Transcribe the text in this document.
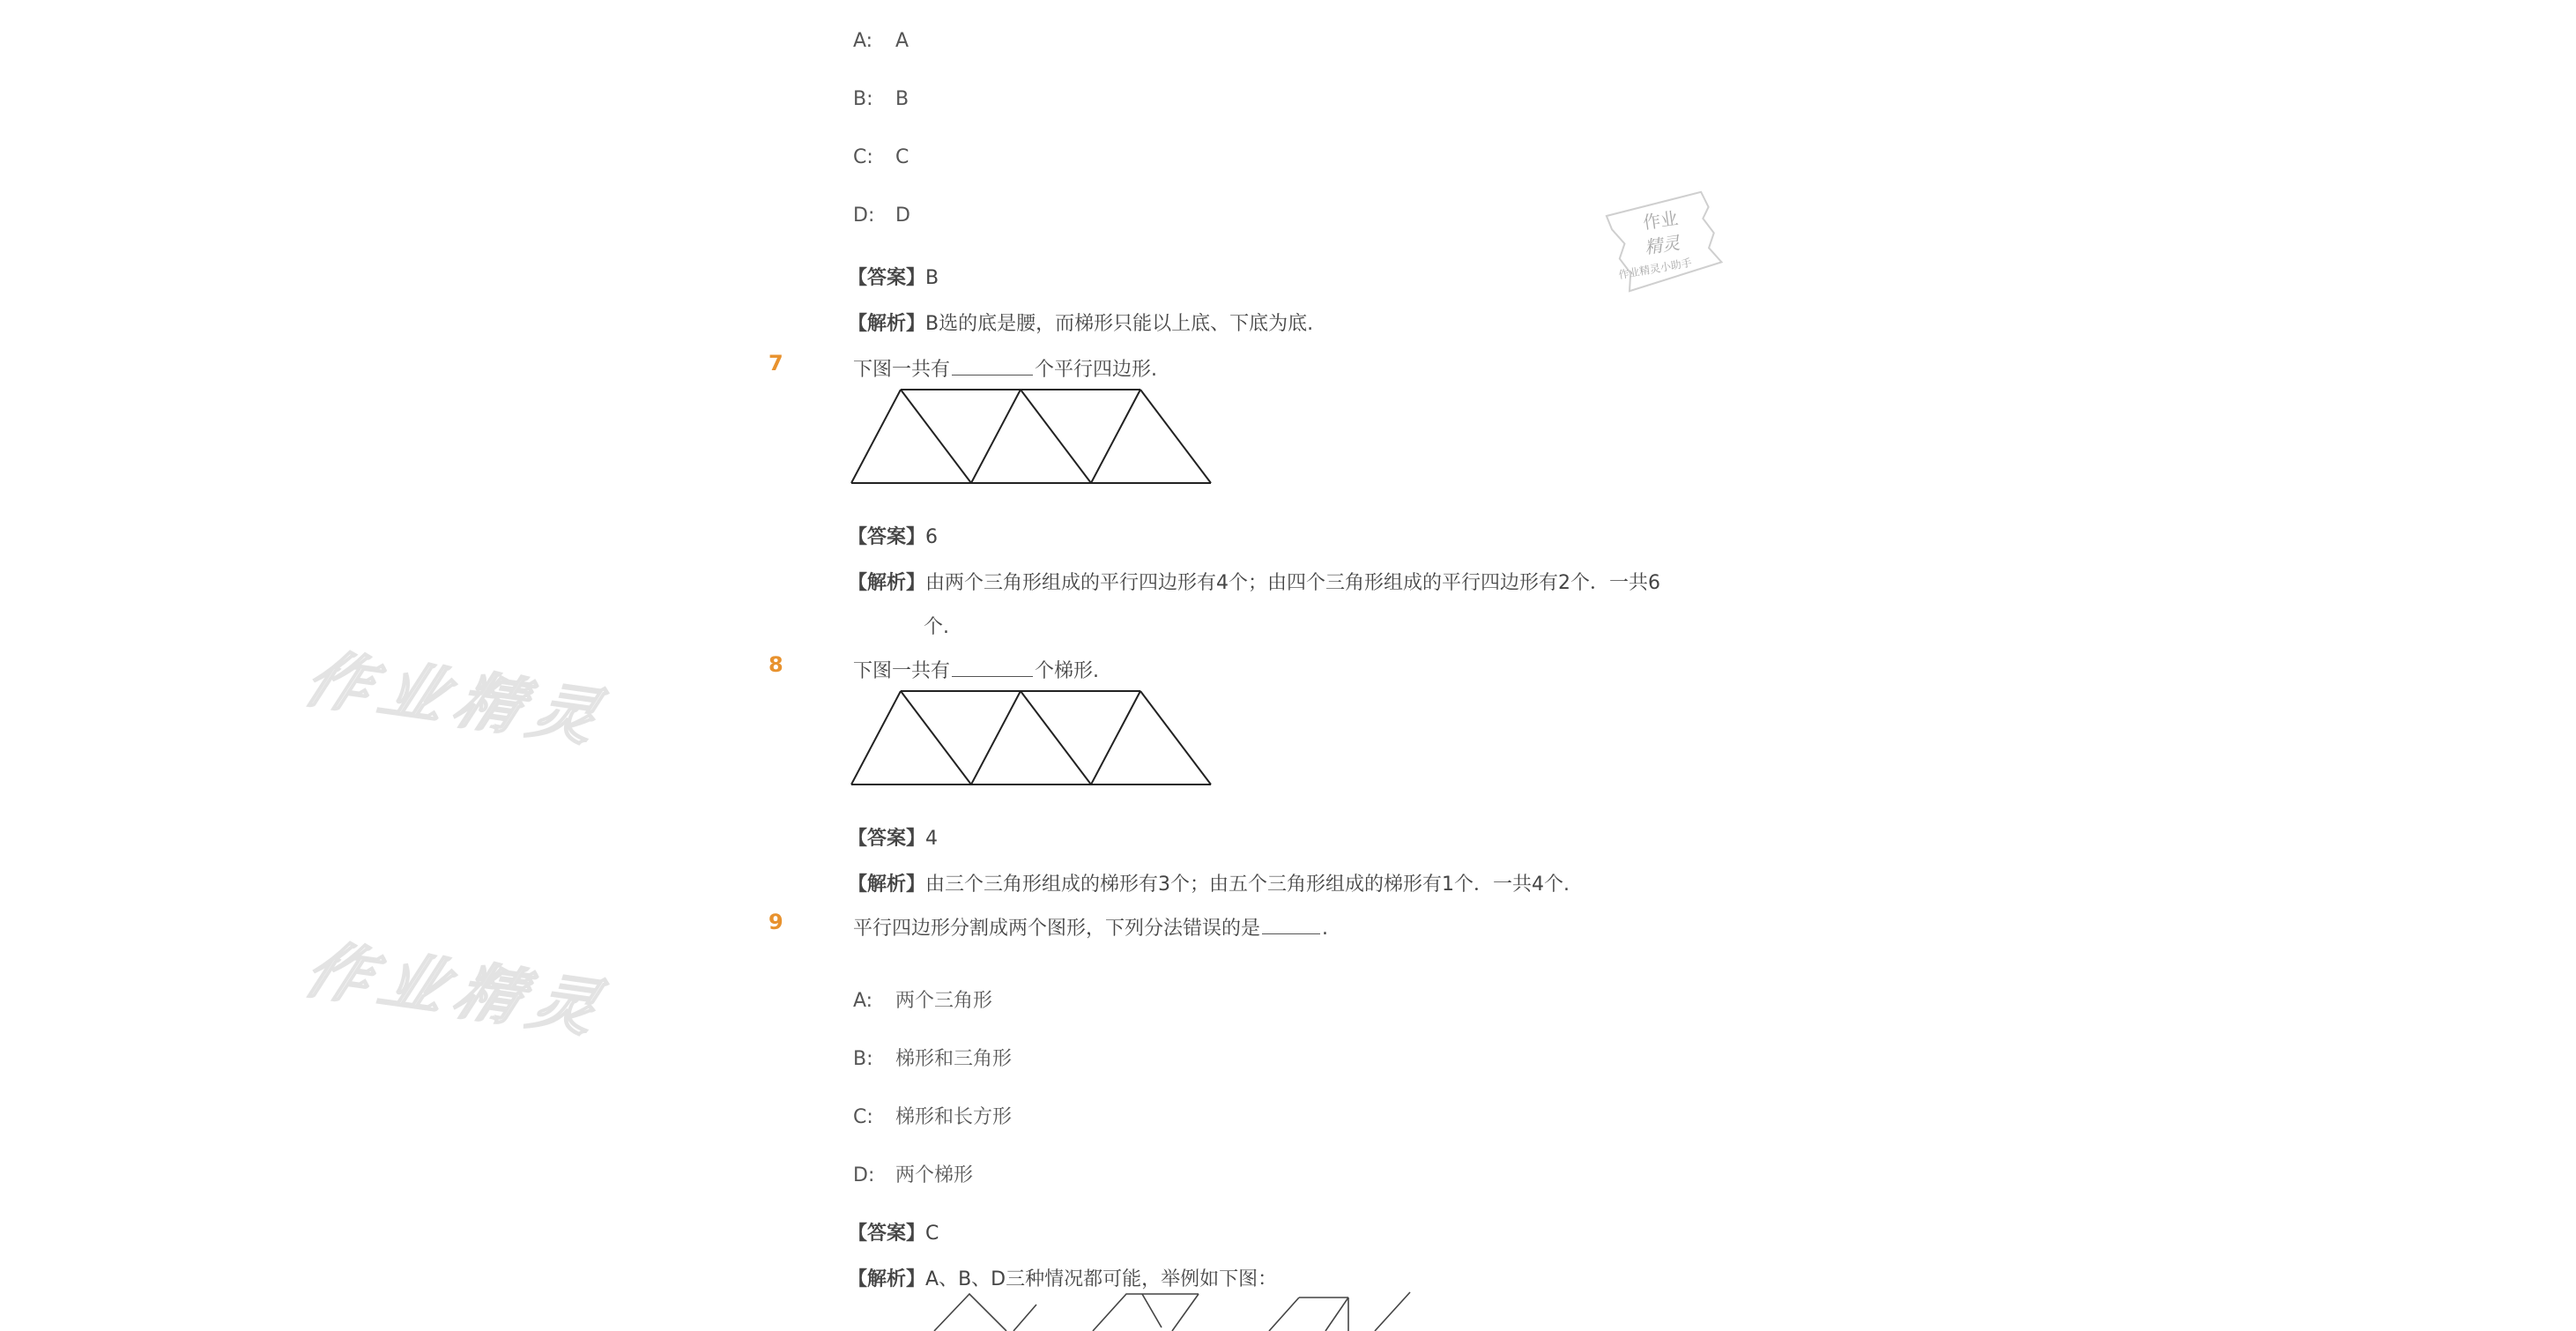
作业精灵
作业精灵
作业
精灵
作业精灵小助手
A: A
B: B
C: C
D: D
【答案】B
【解析】B选的底是腰，而梯形只能以上底、下底为底.
7	下图一共有	个平行四边形.
【答案】6
【解析】由两个三角形组成的平行四边形有4个；由四个三角形组成的平行四边形有2个．一共6
个.
8	下图一共有	个梯形.
【答案】4
【解析】由三个三角形组成的梯形有3个；由五个三角形组成的梯形有1个．一共4个.
9	平行四边形分割成两个图形，下列分法错误的是	.
A: 两个三角形
B: 梯形和三角形
C: 梯形和长方形
D: 两个梯形
【答案】C
【解析】A、B、D三种情况都可能，举例如下图：
